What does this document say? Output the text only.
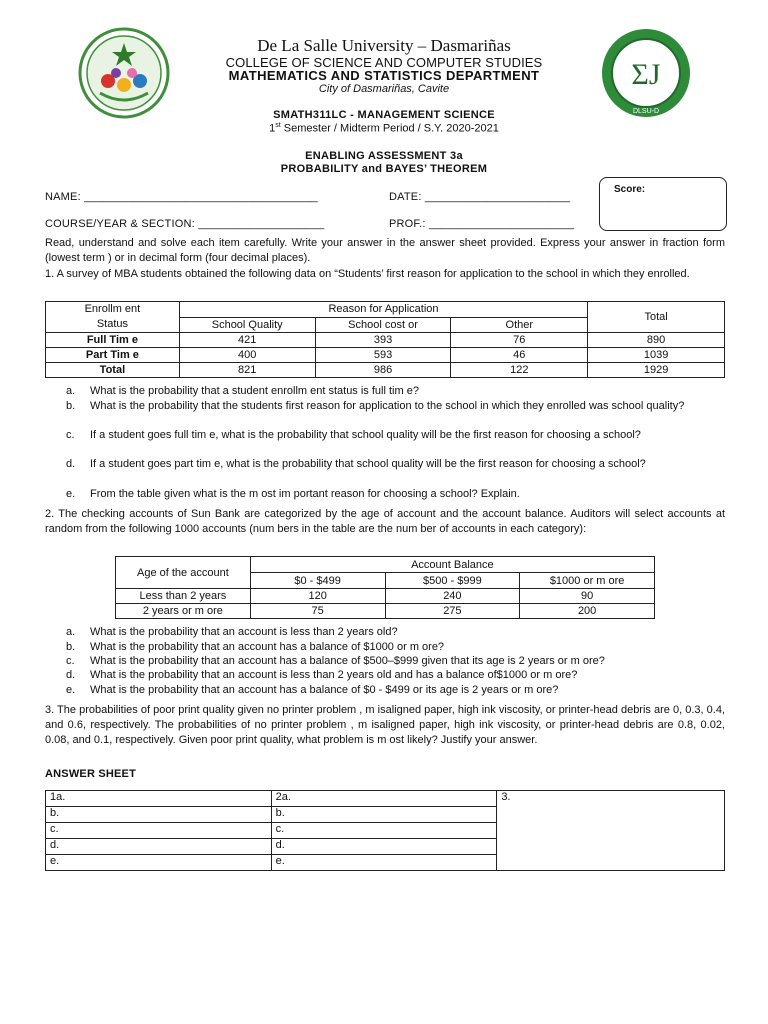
ΣJ
DLSU-D
De La Salle University – Dasmariñas
COLLEGE OF SCIENCE AND COMPUTER STUDIES
MATHEMATICS AND STATISTICS DEPARTMENT
City of Dasmariñas, Cavite
SMATH311LC - MANAGEMENT SCIENCE
1st Semester / Midterm Period / S.Y. 2020-2021
ENABLING ASSESSMENT 3a
PROBABILITY and BAYES’ THEOREM
NAME: _____________________________________	DATE: _______________________
COURSE/YEAR & SECTION: ____________________	PROF.: _______________________
Score:
Read, understand and solve each item carefully. Write your answer in the answer sheet provided. Express your answer in fraction form (lowest term ) or in decimal form (four decimal places).
1. A survey of MBA students obtained the following data on “Students’ first reason for application to the school in which they enrolled.
Enrollm ent
Status	Reason for Application			Total
	School Quality	School cost or	Other	
Full Tim e	421	393	76	890
Part Tim e	400	593	46	1039
Total	821	986	122	1929
a. What is the probability that a student enrollm ent status is full tim e?
b. What is the probability that the students first reason for application to the school in which they enrolled was school quality?
c. If a student goes full tim e, what is the probability that school quality will be the first reason for choosing a school?
d. If a student goes part tim e, what is the probability that school quality will be the first reason for choosing a school?
e. From the table given what is the m ost im portant reason for choosing a school? Explain.
2. The checking accounts of Sun Bank are categorized by the age of account and the account balance. Auditors will select accounts at random from the following 1000 accounts (num bers in the table are the num ber of accounts in each category):
Age of the account	Account Balance		
	$0 - $499	$500 - $999	$1000 or m ore
Less than 2 years	120	240	90
2 years or m ore	75	275	200
a. What is the probability that an account is less than 2 years old?
b. What is the probability that an account has a balance of $1000 or m ore?
c. What is the probability that an account has a balance of $500–$999 given that its age is 2 years or m ore?
d. What is the probability that an account is less than 2 years old and has a balance of$1000 or m ore?
e. What is the probability that an account has a balance of $0 - $499 or its age is 2 years or m ore?
3. The probabilities of poor print quality given no printer problem , m isaligned paper, high ink viscosity, or printer-head debris are 0, 0.3, 0.4, and 0.6, respectively. The probabilities of no printer problem , m isaligned paper, high ink viscosity, or printer-head debris are 0.8, 0.02, 0.08, and 0.1, respectively. Given poor print quality, what problem is m ost likely? Justify your answer.
ANSWER SHEET
1a.	2a.	3.
b.	b.	
c.	c.	
d.	d.	
e.	e.	
